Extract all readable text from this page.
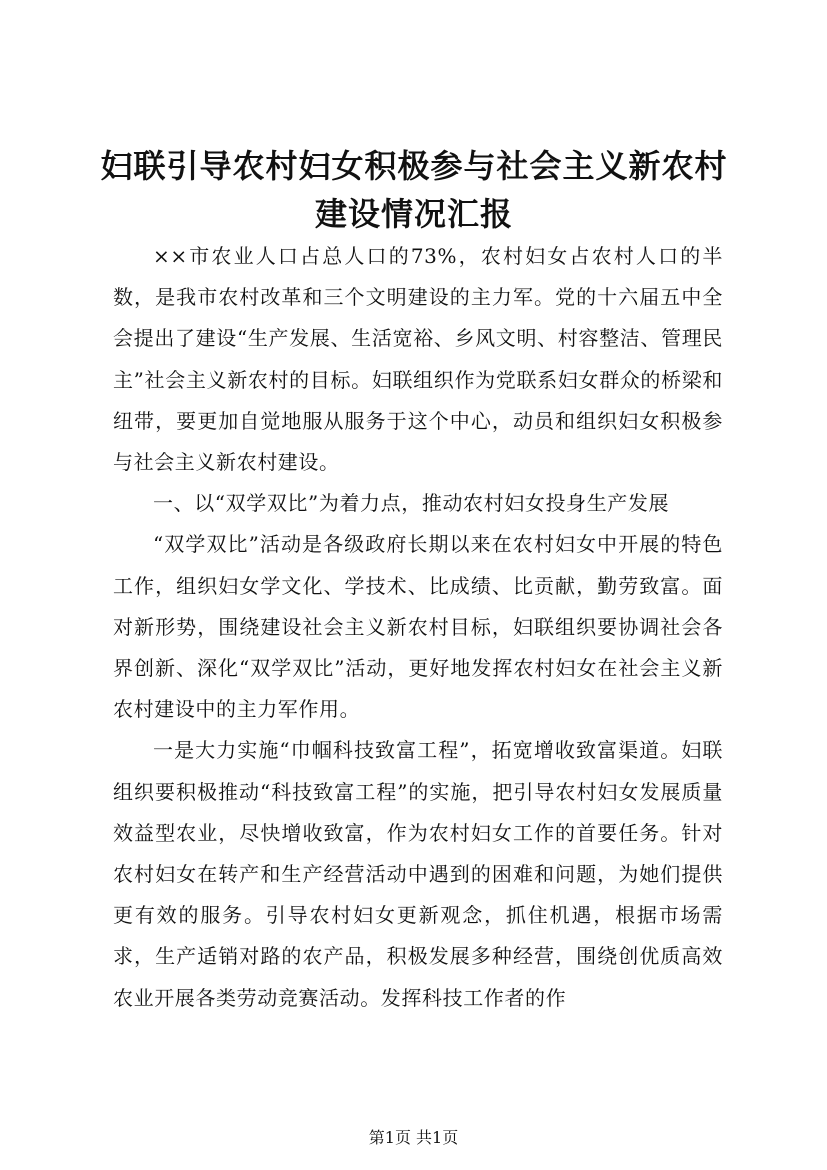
妇联引导农村妇女积极参与社会主义新农村建设情况汇报

××市农业人口占总人口的73%，农村妇女占农村人口的半数，是我市农村改革和三个文明建设的主力军。党的十六届五中全会提出了建设“生产发展、生活宽裕、乡风文明、村容整洁、管理民主”社会主义新农村的目标。妇联组织作为党联系妇女群众的桥梁和纽带，要更加自觉地服从服务于这个中心，动员和组织妇女积极参与社会主义新农村建设。

一、以“双学双比”为着力点，推动农村妇女投身生产发展

“双学双比”活动是各级政府长期以来在农村妇女中开展的特色工作，组织妇女学文化、学技术、比成绩、比贡献，勤劳致富。面对新形势，围绕建设社会主义新农村目标，妇联组织要协调社会各界创新、深化“双学双比”活动，更好地发挥农村妇女在社会主义新农村建设中的主力军作用。

一是大力实施“巾帼科技致富工程”，拓宽增收致富渠道。妇联组织要积极推动“科技致富工程”的实施，把引导农村妇女发展质量效益型农业，尽快增收致富，作为农村妇女工作的首要任务。针对农村妇女在转产和生产经营活动中遇到的困难和问题，为她们提供更有效的服务。引导农村妇女更新观念，抓住机遇，根据市场需求，生产适销对路的农产品，积极发展多种经营，围绕创优质高效农业开展各类劳动竞赛活动。发挥科技工作者的作

第1页 共1页
